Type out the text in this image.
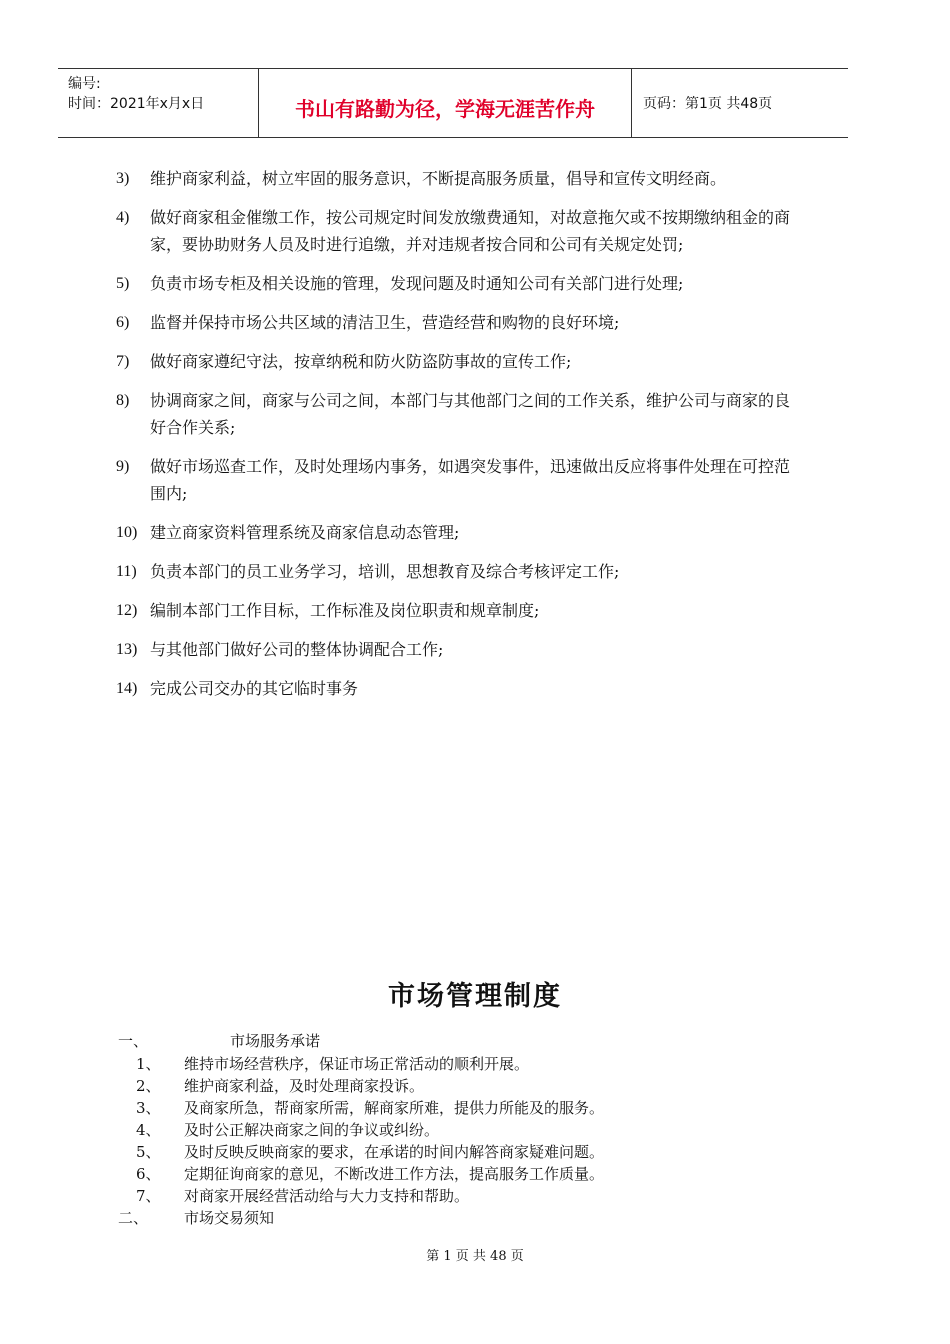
编号:
时间：2021年x月x日	书山有路勤为径，学海无涯苦作舟	页码：第1页 共48页
3)	维护商家利益，树立牢固的服务意识，不断提高服务质量，倡导和宣传文明经商。
4)	做好商家租金催缴工作，按公司规定时间发放缴费通知，对故意拖欠或不按期缴纳租金的商家，要协助财务人员及时进行追缴，并对违规者按合同和公司有关规定处罚;
5)	负责市场专柜及相关设施的管理，发现问题及时通知公司有关部门进行处理;
6)	监督并保持市场公共区域的清洁卫生，营造经营和购物的良好环境;
7)	做好商家遵纪守法，按章纳税和防火防盗防事故的宣传工作;
8)	协调商家之间，商家与公司之间，本部门与其他部门之间的工作关系，维护公司与商家的良好合作关系;
9)	做好市场巡查工作，及时处理场内事务，如遇突发事件，迅速做出反应将事件处理在可控范围内;
10) 建立商家资料管理系统及商家信息动态管理;
11) 负责本部门的员工业务学习，培训，思想教育及综合考核评定工作;
12) 编制本部门工作目标，工作标准及岗位职责和规章制度;
13) 与其他部门做好公司的整体协调配合工作;
14) 完成公司交办的其它临时事务
市场管理制度
一、	市场服务承诺
1、 维持市场经营秩序，保证市场正常活动的顺利开展。
2、 维护商家利益，及时处理商家投诉。
3、 及商家所急，帮商家所需，解商家所难，提供力所能及的服务。
4、 及时公正解决商家之间的争议或纠纷。
5、 及时反映反映商家的要求，在承诺的时间内解答商家疑难问题。
6、 定期征询商家的意见，不断改进工作方法，提高服务工作质量。
7、 对商家开展经营活动给与大力支持和帮助。
二、 市场交易须知
第 1 页 共 48 页
